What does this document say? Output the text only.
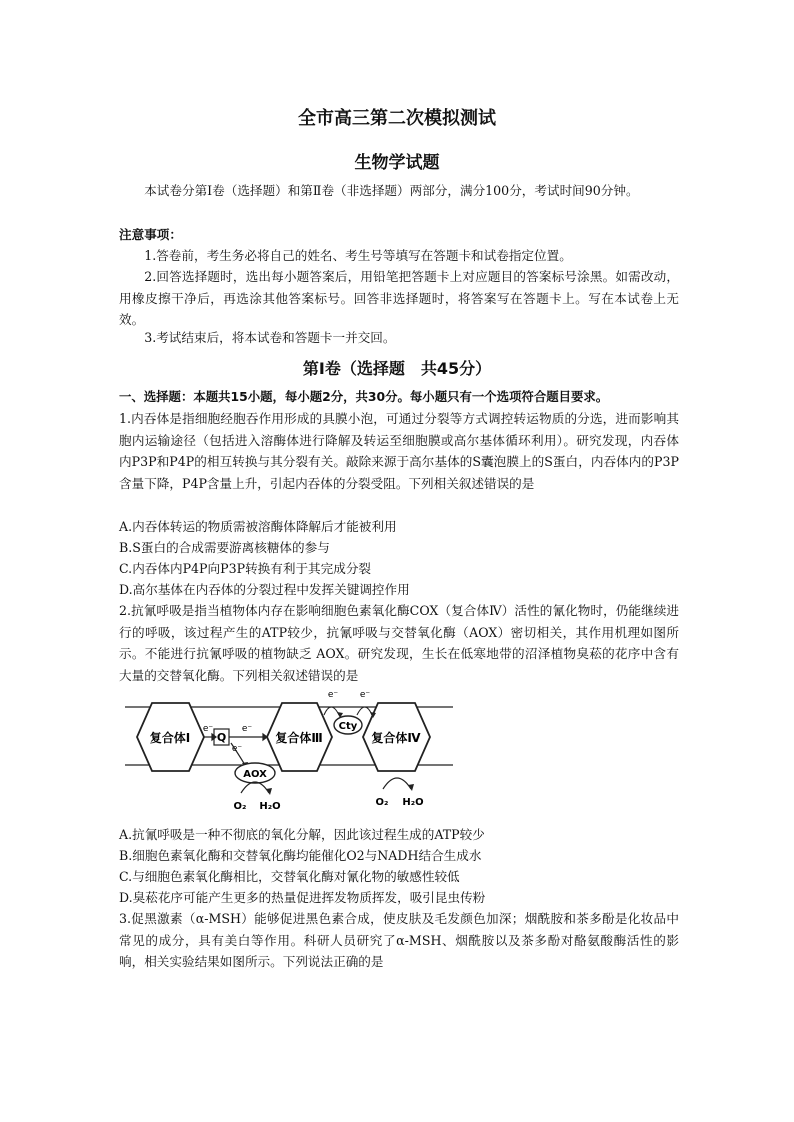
全市高三第二次模拟测试
生物学试题

本试卷分第Ⅰ卷（选择题）和第Ⅱ卷（非选择题）两部分，满分100分，考试时间90分钟。

注意事项：

1.答卷前，考生务必将自己的姓名、考生号等填写在答题卡和试卷指定位置。

2.回答选择题时，选出每小题答案后，用铅笔把答题卡上对应题目的答案标号涂黑。如需改动，用橡皮擦干净后，再选涂其他答案标号。回答非选择题时，将答案写在答题卡上。写在本试卷上无效。

3.考试结束后，将本试卷和答题卡一并交回。

第Ⅰ卷（选择题　共45分）

一、选择题：本题共15小题，每小题2分，共30分。每小题只有一个选项符合题目要求。

1.内吞体是指细胞经胞吞作用形成的具膜小泡，可通过分裂等方式调控转运物质的分选，进而影响其胞内运输途径（包括进入溶酶体进行降解及转运至细胞膜或高尔基体循环利用）。研究发现，内吞体内P3P和P4P的相互转换与其分裂有关。敲除来源于高尔基体的S囊泡膜上的S蛋白，内吞体内的P3P含量下降，P4P含量上升，引起内吞体的分裂受阻。下列相关叙述错误的是

A.内吞体转运的物质需被溶酶体降解后才能被利用
B.S蛋白的合成需要游离核糖体的参与
C.内吞体内P4P向P3P转换有利于其完成分裂
D.高尔基体在内吞体的分裂过程中发挥关键调控作用

2.抗氰呼吸是指当植物体内存在影响细胞色素氧化酶COX（复合体Ⅳ）活性的氰化物时，仍能继续进行的呼吸，该过程产生的ATP较少，抗氰呼吸与交替氧化酶（AOX）密切相关，其作用机理如图所示。不能进行抗氰呼吸的植物缺乏 AOX。研究发现，生长在低寒地带的沼泽植物臭菘的花序中含有大量的交替氧化酶。下列相关叙述错误的是

复合体Ⅰ	复合体Ⅲ	复合体Ⅳ
Q
e⁻	e⁻
e⁻
AOX
Cty
e⁻ e⁻
O₂ H₂O	O₂ H₂O
A.抗氰呼吸是一种不彻底的氧化分解，因此该过程生成的ATP较少
B.细胞色素氧化酶和交替氧化酶均能催化O2与NADH结合生成水
C.与细胞色素氧化酶相比，交替氧化酶对氰化物的敏感性较低
D.臭菘花序可能产生更多的热量促进挥发物质挥发，吸引昆虫传粉

3.促黑激素（α-MSH）能够促进黑色素合成，使皮肤及毛发颜色加深；烟酰胺和茶多酚是化妆品中常见的成分，具有美白等作用。科研人员研究了α-MSH、烟酰胺以及茶多酚对酪氨酸酶活性的影响，相关实验结果如图所示。下列说法正确的是
